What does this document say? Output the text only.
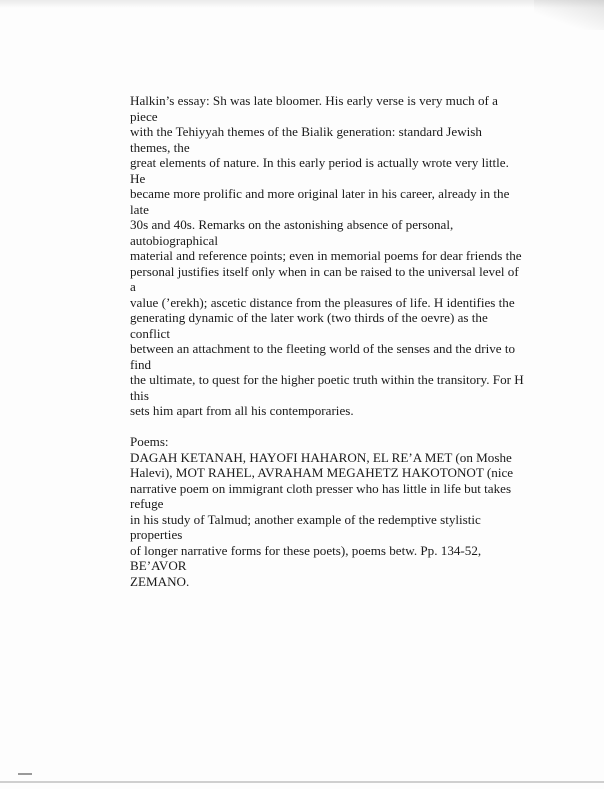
Halkin’s essay: Sh was late bloomer. His early verse is very much of a piece

with the Tehiyyah themes of the Bialik generation: standard Jewish themes, the

great elements of nature. In this early period is actually wrote very little. He

became more prolific and more original later in his career, already in the late

30s and 40s. Remarks on the astonishing absence of personal, autobiographical

material and reference points; even in memorial poems for dear friends the

personal justifies itself only when in can be raised to the universal level of a

value (’erekh); ascetic distance from the pleasures of life. H identifies the

generating dynamic of the later work (two thirds of the oevre) as the conflict

between an attachment to the fleeting world of the senses and the drive to find

the ultimate, to quest for the higher poetic truth within the transitory. For H this

sets him apart from all his contemporaries.

Poems:

DAGAH KETANAH, HAYOFI HAHARON, EL RE’A MET (on Moshe

Halevi), MOT RAHEL, AVRAHAM MEGAHETZ HAKOTONOT (nice

narrative poem on immigrant cloth presser who has little in life but takes refuge

in his study of Talmud; another example of the redemptive stylistic properties

of longer narrative forms for these poets), poems betw. Pp. 134-52, BE’AVOR

ZEMANO.
